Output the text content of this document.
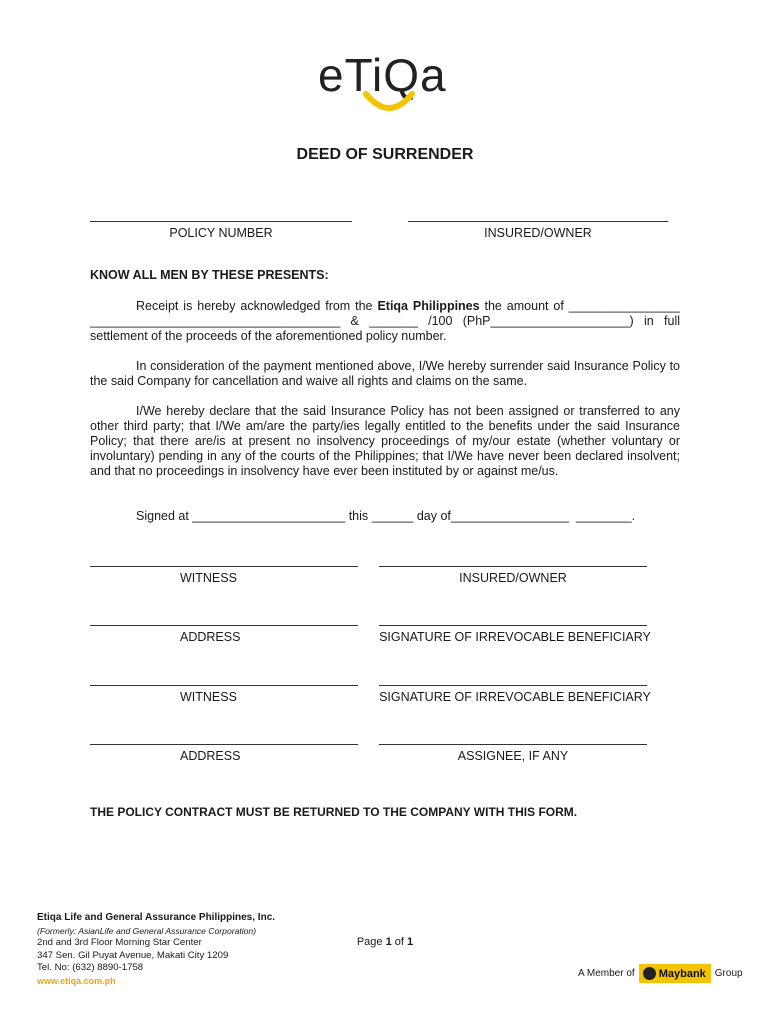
eTiQa
DEED OF SURRENDER
POLICY NUMBER	INSURED/OWNER
KNOW ALL MEN BY THESE PRESENTS:
Receipt is hereby acknowledged from the Etiqa Philippines the amount of ________________ ____________________________________ & _______ /100 (PhP____________________) in full settlement of the proceeds of the aforementioned policy number.
In consideration of the payment mentioned above, I/We hereby surrender said Insurance Policy to the said Company for cancellation and waive all rights and claims on the same.
I/We hereby declare that the said Insurance Policy has not been assigned or transferred to any other third party; that I/We am/are the party/ies legally entitled to the benefits under the said Insurance Policy; that there are/is at present no insolvency proceedings of my/our estate (whether voluntary or involuntary) pending in any of the courts of the Philippines; that I/We have never been declared insolvent; and that no proceedings in insolvency have ever been instituted by or against me/us.
Signed at ______________________ this ______ day of_________________  ________.
WITNESS	INSURED/OWNER
ADDRESS	SIGNATURE OF IRREVOCABLE BENEFICIARY
WITNESS	SIGNATURE OF IRREVOCABLE BENEFICIARY
ADDRESS	ASSIGNEE, IF ANY
THE POLICY CONTRACT MUST BE RETURNED TO THE COMPANY WITH THIS FORM.
Etiqa Life and General Assurance Philippines, Inc.
(Formerly: AsianLife and General Assurance Corporation)
2nd and 3rd Floor Morning Star Center
347 Sen. Gil Puyat Avenue, Makati City 1209
Tel. No: (632) 8890-1758
www.etiqa.com.ph
Page 1 of 1
A Member of Maybank Group
